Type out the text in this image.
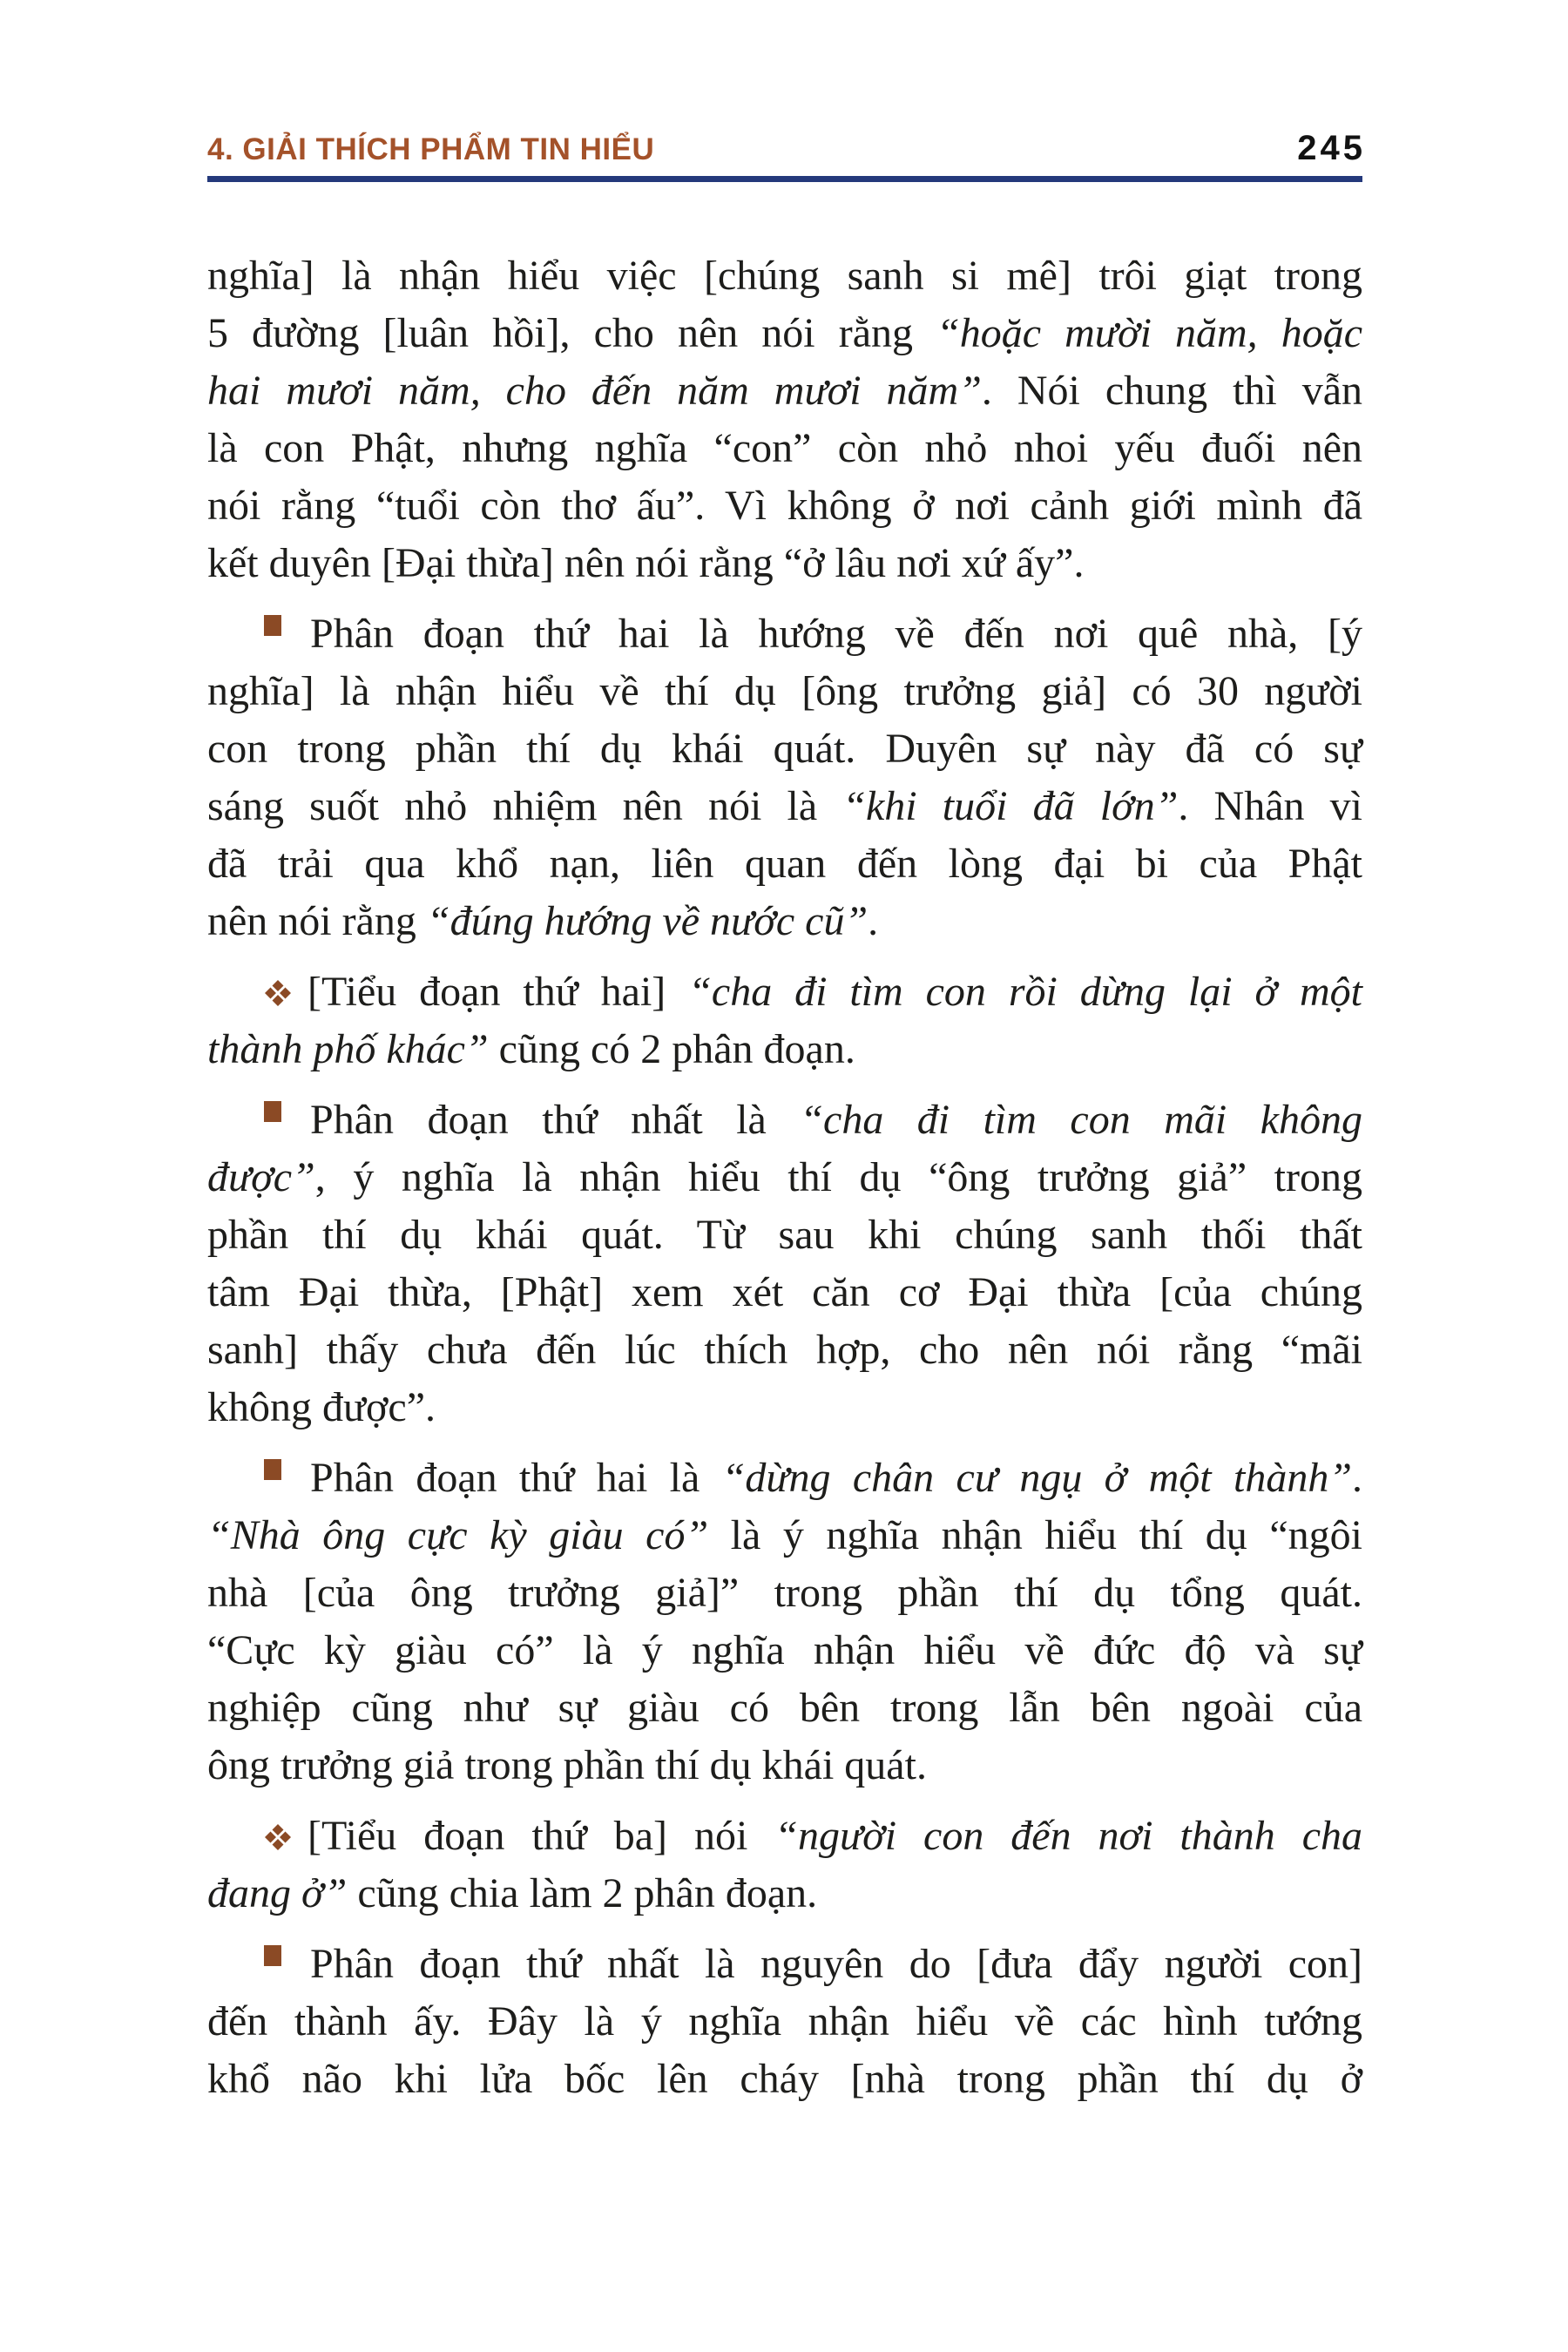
4. GIẢI THÍCH PHẨM TIN HIỂU	245
nghĩa] là nhận hiểu việc [chúng sanh si mê] trôi giạt trong
5 đường [luân hồi], cho nên nói rằng “hoặc mười năm, hoặc
hai mươi năm, cho đến năm mươi năm”. Nói chung thì vẫn
là con Phật, nhưng nghĩa “con” còn nhỏ nhoi yếu đuối nên
nói rằng “tuổi còn thơ ấu”. Vì không ở nơi cảnh giới mình đã
kết duyên [Đại thừa] nên nói rằng “ở lâu nơi xứ ấy”.
Phân đoạn thứ hai là hướng về đến nơi quê nhà, [ý
nghĩa] là nhận hiểu về thí dụ [ông trưởng giả] có 30 người
con trong phần thí dụ khái quát. Duyên sự này đã có sự
sáng suốt nhỏ nhiệm nên nói là “khi tuổi đã lớn”. Nhân vì
đã trải qua khổ nạn, liên quan đến lòng đại bi của Phật
nên nói rằng “đúng hướng về nước cũ”.
[Tiểu đoạn thứ hai] “cha đi tìm con rồi dừng lại ở một
thành phố khác” cũng có 2 phân đoạn.
Phân đoạn thứ nhất là “cha đi tìm con mãi không
được”, ý nghĩa là nhận hiểu thí dụ “ông trưởng giả” trong
phần thí dụ khái quát. Từ sau khi chúng sanh thối thất
tâm Đại thừa, [Phật] xem xét căn cơ Đại thừa [của chúng
sanh] thấy chưa đến lúc thích hợp, cho nên nói rằng “mãi
không được”.
Phân đoạn thứ hai là “dừng chân cư ngụ ở một thành”.
“Nhà ông cực kỳ giàu có” là ý nghĩa nhận hiểu thí dụ “ngôi
nhà [của ông trưởng giả]” trong phần thí dụ tổng quát.
“Cực kỳ giàu có” là ý nghĩa nhận hiểu về đức độ và sự
nghiệp cũng như sự giàu có bên trong lẫn bên ngoài của
ông trưởng giả trong phần thí dụ khái quát.
[Tiểu đoạn thứ ba] nói “người con đến nơi thành cha
đang ở” cũng chia làm 2 phân đoạn.
Phân đoạn thứ nhất là nguyên do [đưa đẩy người con]
đến thành ấy. Đây là ý nghĩa nhận hiểu về các hình tướng
khổ não khi lửa bốc lên cháy [nhà trong phần thí dụ ở
